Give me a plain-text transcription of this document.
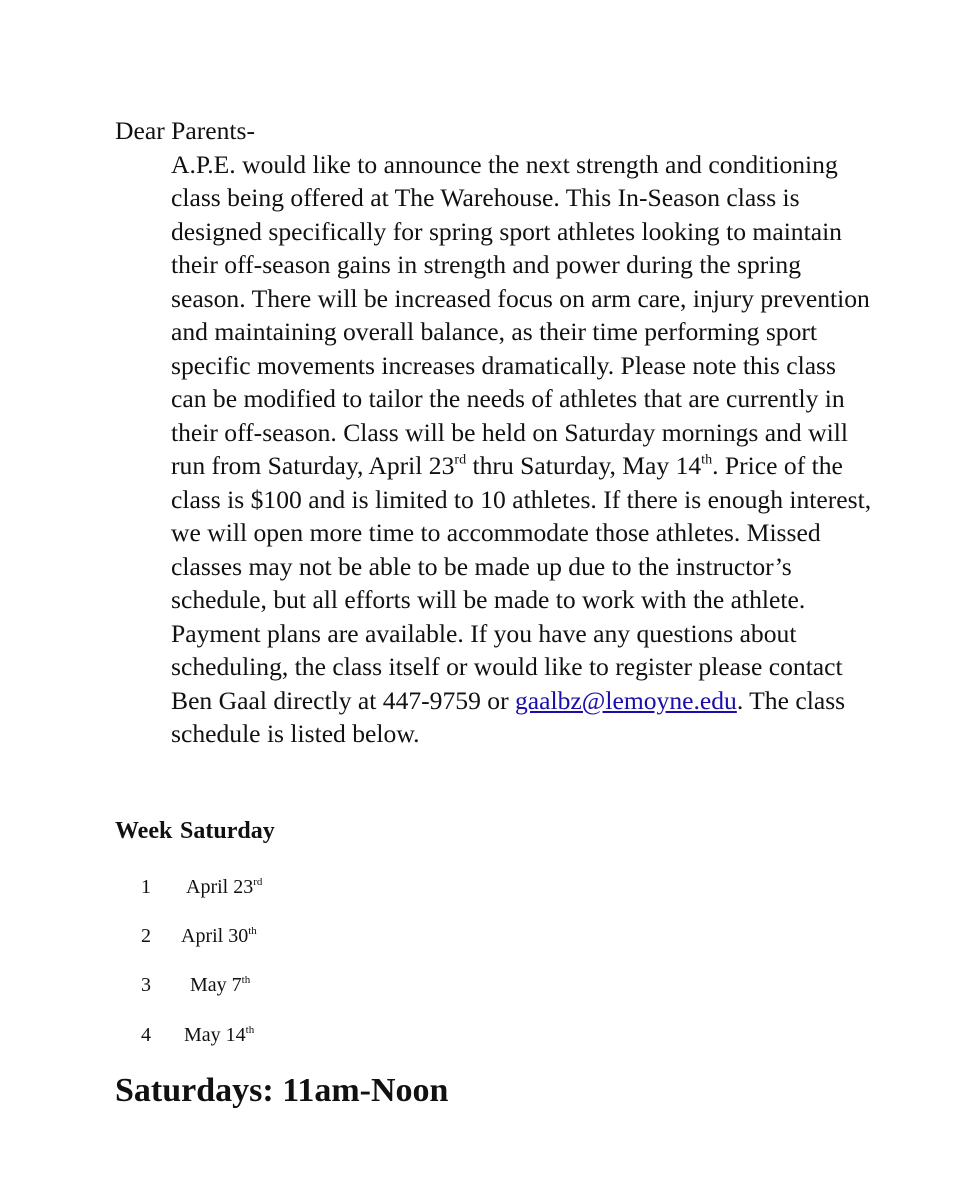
Dear Parents-

A.P.E. would like to announce the next strength and conditioning class being offered at The Warehouse. This In-Season class is designed specifically for spring sport athletes looking to maintain their off-season gains in strength and power during the spring season. There will be increased focus on arm care, injury prevention and maintaining overall balance, as their time performing sport specific movements increases dramatically. Please note this class can be modified to tailor the needs of athletes that are currently in their off-season. Class will be held on Saturday mornings and will run from Saturday, April 23rd thru Saturday, May 14th. Price of the class is $100 and is limited to 10 athletes. If there is enough interest, we will open more time to accommodate those athletes. Missed classes may not be able to be made up due to the instructor’s schedule, but all efforts will be made to work with the athlete. Payment plans are available. If you have any questions about scheduling, the class itself or would like to register please contact Ben Gaal directly at 447-9759 or gaalbz@lemoyne.edu. The class schedule is listed below.

Week Saturday
1 April 23rd
2 April 30th
3 May 7th
4 May 14th
Saturdays: 11am-Noon
